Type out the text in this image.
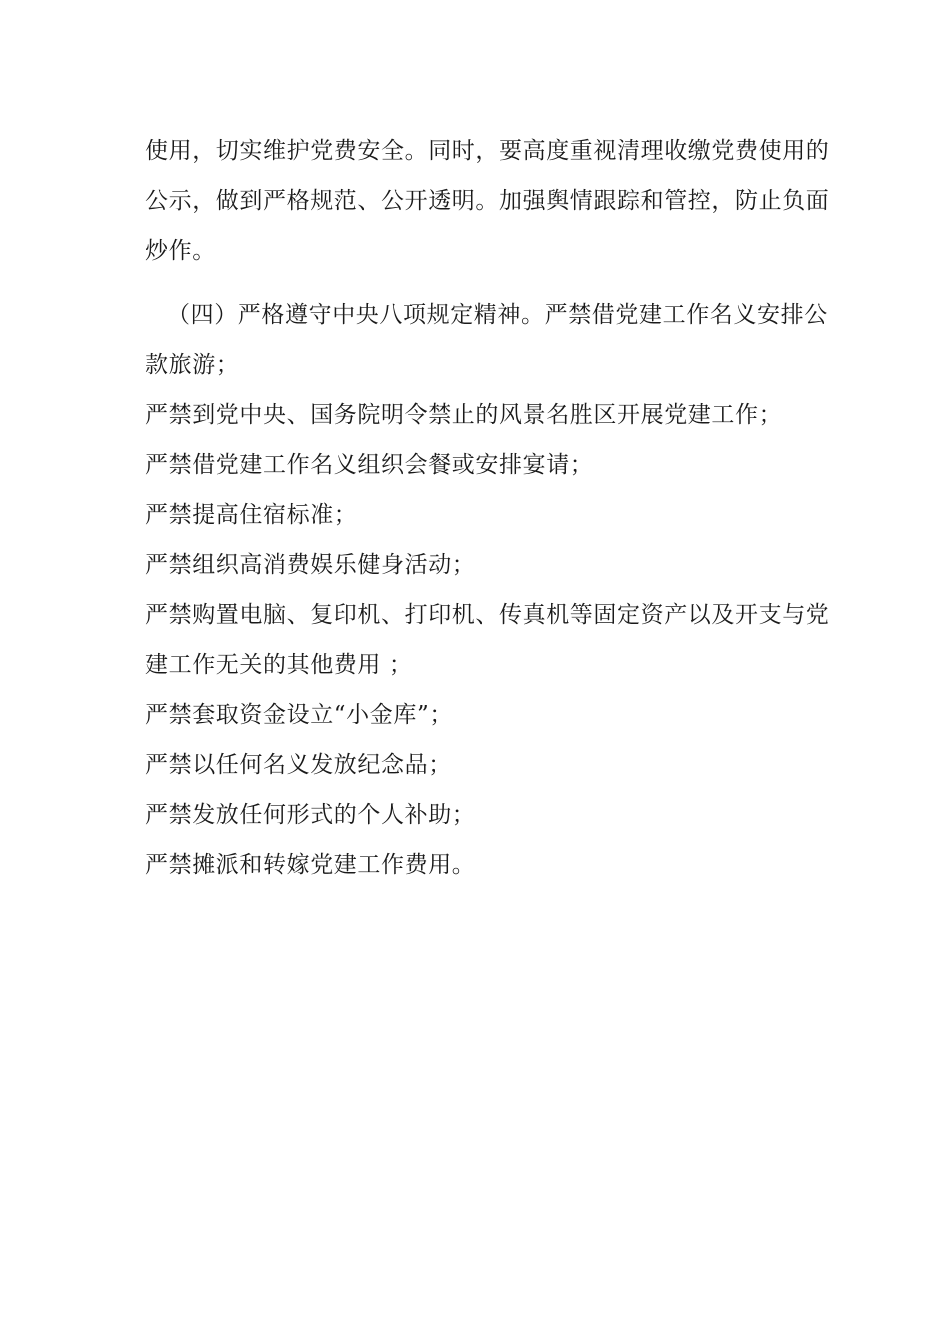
使用，切实维护党费安全。同时，要高度重视清理收缴党费使用的
公示，做到严格规范、公开透明。加强舆情跟踪和管控，防止负面
炒作。
（四）严格遵守中央八项规定精神。严禁借党建工作名义安排公
款旅游；
严禁到党中央、国务院明令禁止的风景名胜区开展党建工作；
严禁借党建工作名义组织会餐或安排宴请；
严禁提高住宿标准；
严禁组织高消费娱乐健身活动；
严禁购置电脑、复印机、打印机、传真机等固定资产以及开支与党
建工作无关的其他费用 ；
严禁套取资金设立“小金库”；
严禁以任何名义发放纪念品；
严禁发放任何形式的个人补助；
严禁摊派和转嫁党建工作费用。
